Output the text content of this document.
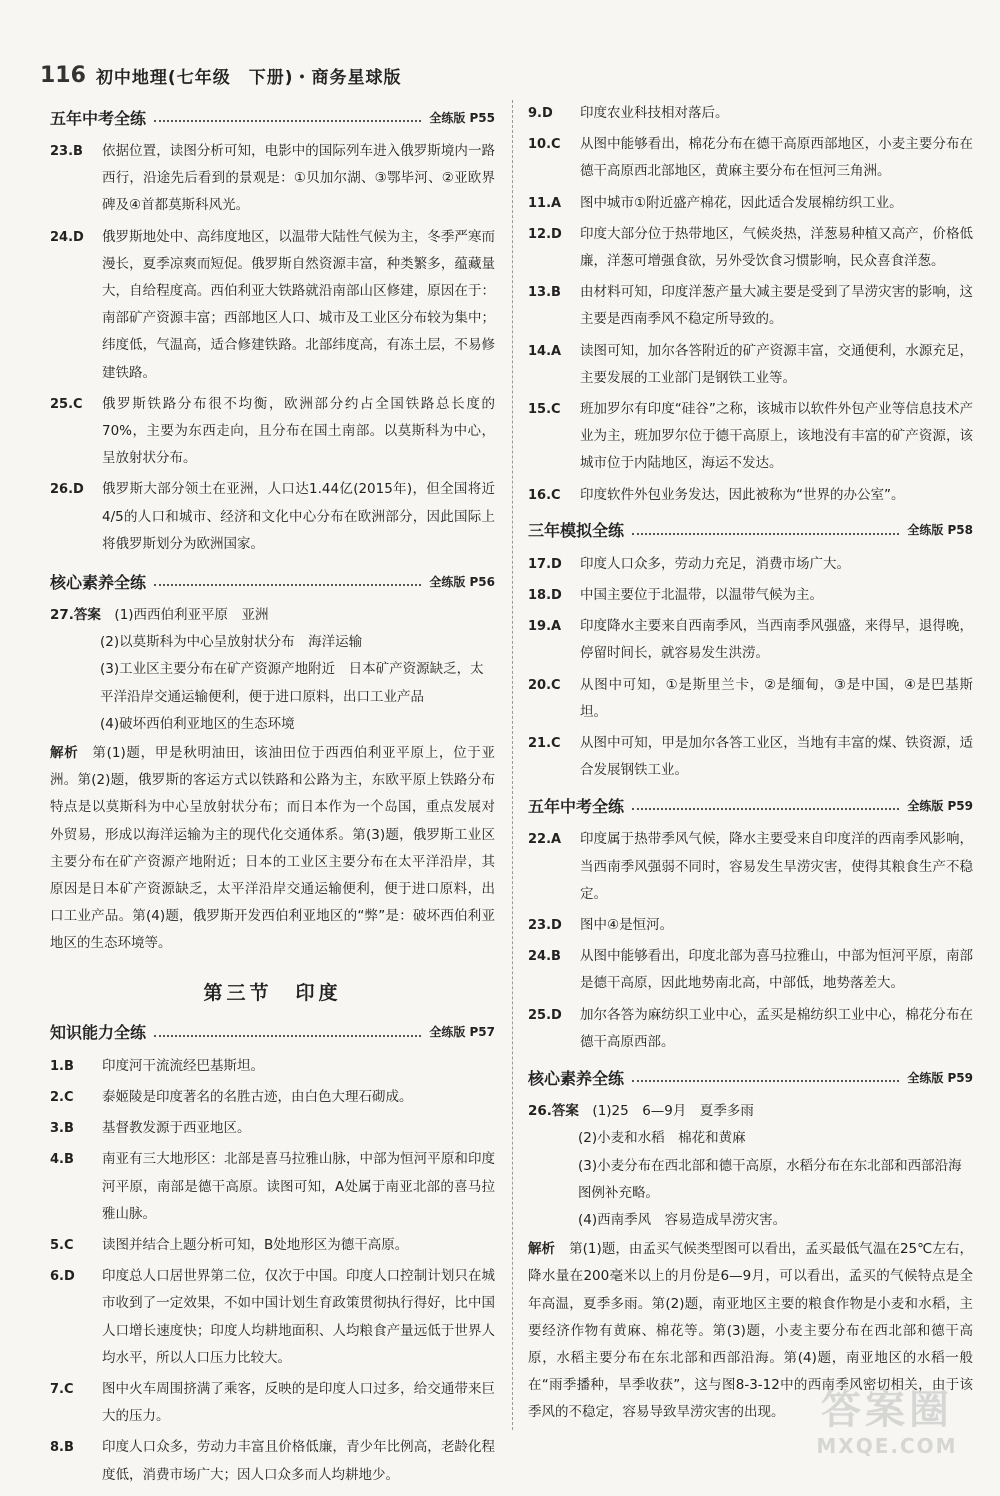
116 初中地理(七年级　下册)・商务星球版
五年中考全练	全练版 P55
23.B	依据位置，读图分析可知，电影中的国际列车进入俄罗斯境内一路西行，沿途先后看到的景观是：①贝加尔湖、③鄂毕河、②亚欧界碑及④首都莫斯科风光。
24.D	俄罗斯地处中、高纬度地区，以温带大陆性气候为主，冬季严寒而漫长，夏季凉爽而短促。俄罗斯自然资源丰富，种类繁多，蕴藏量大，自给程度高。西伯利亚大铁路就沿南部山区修建，原因在于：南部矿产资源丰富；西部地区人口、城市及工业区分布较为集中；纬度低，气温高，适合修建铁路。北部纬度高，有冻土层，不易修建铁路。
25.C	俄罗斯铁路分布很不均衡，欧洲部分约占全国铁路总长度的70%，主要为东西走向，且分布在国土南部。以莫斯科为中心，呈放射状分布。
26.D	俄罗斯大部分领土在亚洲，人口达1.44亿(2015年)，但全国将近4/5的人口和城市、经济和文化中心分布在欧洲部分，因此国际上将俄罗斯划分为欧洲国家。
核心素养全练	全练版 P56
27.答案　 (1)西西伯利亚平原　亚洲
(2)以莫斯科为中心呈放射状分布　海洋运输
(3)工业区主要分布在矿产资源产地附近　日本矿产资源缺乏，太平洋沿岸交通运输便利，便于进口原料，出口工业产品
(4)破坏西伯利亚地区的生态环境
解析 第(1)题，甲是秋明油田，该油田位于西西伯利亚平原上，位于亚洲。第(2)题，俄罗斯的客运方式以铁路和公路为主，东欧平原上铁路分布特点是以莫斯科为中心呈放射状分布；而日本作为一个岛国，重点发展对外贸易，形成以海洋运输为主的现代化交通体系。第(3)题，俄罗斯工业区主要分布在矿产资源产地附近；日本的工业区主要分布在太平洋沿岸，其原因是日本矿产资源缺乏，太平洋沿岸交通运输便利，便于进口原料，出口工业产品。第(4)题，俄罗斯开发西伯利亚地区的“弊”是：破坏西伯利亚地区的生态环境等。
第三节　印度
知识能力全练	全练版 P57
1.B	印度河干流流经巴基斯坦。
2.C	泰姬陵是印度著名的名胜古迹，由白色大理石砌成。
3.B	基督教发源于西亚地区。
4.B	南亚有三大地形区：北部是喜马拉雅山脉，中部为恒河平原和印度河平原，南部是德干高原。读图可知，A处属于南亚北部的喜马拉雅山脉。
5.C	读图并结合上题分析可知，B处地形区为德干高原。
6.D	印度总人口居世界第二位，仅次于中国。印度人口控制计划只在城市收到了一定效果，不如中国计划生育政策贯彻执行得好，比中国人口增长速度快；印度人均耕地面积、人均粮食产量远低于世界人均水平，所以人口压力比较大。
7.C	图中火车周围挤满了乘客，反映的是印度人口过多，给交通带来巨大的压力。
8.B	印度人口众多，劳动力丰富且价格低廉，青少年比例高，老龄化程度低，消费市场广大；因人口众多而人均耕地少。
9.D	印度农业科技相对落后。
10.C	从图中能够看出，棉花分布在德干高原西部地区，小麦主要分布在德干高原西北部地区，黄麻主要分布在恒河三角洲。
11.A	图中城市①附近盛产棉花，因此适合发展棉纺织工业。
12.D	印度大部分位于热带地区，气候炎热，洋葱易种植又高产，价格低廉，洋葱可增强食欲，另外受饮食习惯影响，民众喜食洋葱。
13.B	由材料可知，印度洋葱产量大减主要是受到了旱涝灾害的影响，这主要是西南季风不稳定所导致的。
14.A	读图可知，加尔各答附近的矿产资源丰富，交通便利，水源充足，主要发展的工业部门是钢铁工业等。
15.C	班加罗尔有印度“硅谷”之称，该城市以软件外包产业等信息技术产业为主，班加罗尔位于德干高原上，该地没有丰富的矿产资源，该城市位于内陆地区，海运不发达。
16.C	印度软件外包业务发达，因此被称为“世界的办公室”。
三年模拟全练	全练版 P58
17.D	印度人口众多，劳动力充足，消费市场广大。
18.D	中国主要位于北温带，以温带气候为主。
19.A	印度降水主要来自西南季风，当西南季风强盛，来得早，退得晚，停留时间长，就容易发生洪涝。
20.C	从图中可知，①是斯里兰卡，②是缅甸，③是中国，④是巴基斯坦。
21.C	从图中可知，甲是加尔各答工业区，当地有丰富的煤、铁资源，适合发展钢铁工业。
五年中考全练	全练版 P59
22.A	印度属于热带季风气候，降水主要受来自印度洋的西南季风影响，当西南季风强弱不同时，容易发生旱涝灾害，使得其粮食生产不稳定。
23.D	图中④是恒河。
24.B	从图中能够看出，印度北部为喜马拉雅山，中部为恒河平原，南部是德干高原，因此地势南北高，中部低，地势落差大。
25.D	加尔各答为麻纺织工业中心，孟买是棉纺织工业中心，棉花分布在德干高原西部。
核心素养全练	全练版 P59
26.答案　 (1)25　6—9月　夏季多雨
(2)小麦和水稻　棉花和黄麻
(3)小麦分布在西北部和德干高原，水稻分布在东北部和西部沿海　图例补充略。
(4)西南季风　容易造成旱涝灾害。
解析 第(1)题，由孟买气候类型图可以看出，孟买最低气温在25℃左右，降水量在200毫米以上的月份是6—9月，可以看出，孟买的气候特点是全年高温，夏季多雨。第(2)题，南亚地区主要的粮食作物是小麦和水稻，主要经济作物有黄麻、棉花等。第(3)题，小麦主要分布在西北部和德干高原，水稻主要分布在东北部和西部沿海。第(4)题，南亚地区的水稻一般在“雨季播种，旱季收获”，这与图8-3-12中的西南季风密切相关，由于该季风的不稳定，容易导致旱涝灾害的出现。 答案圈
MXQE.COM
